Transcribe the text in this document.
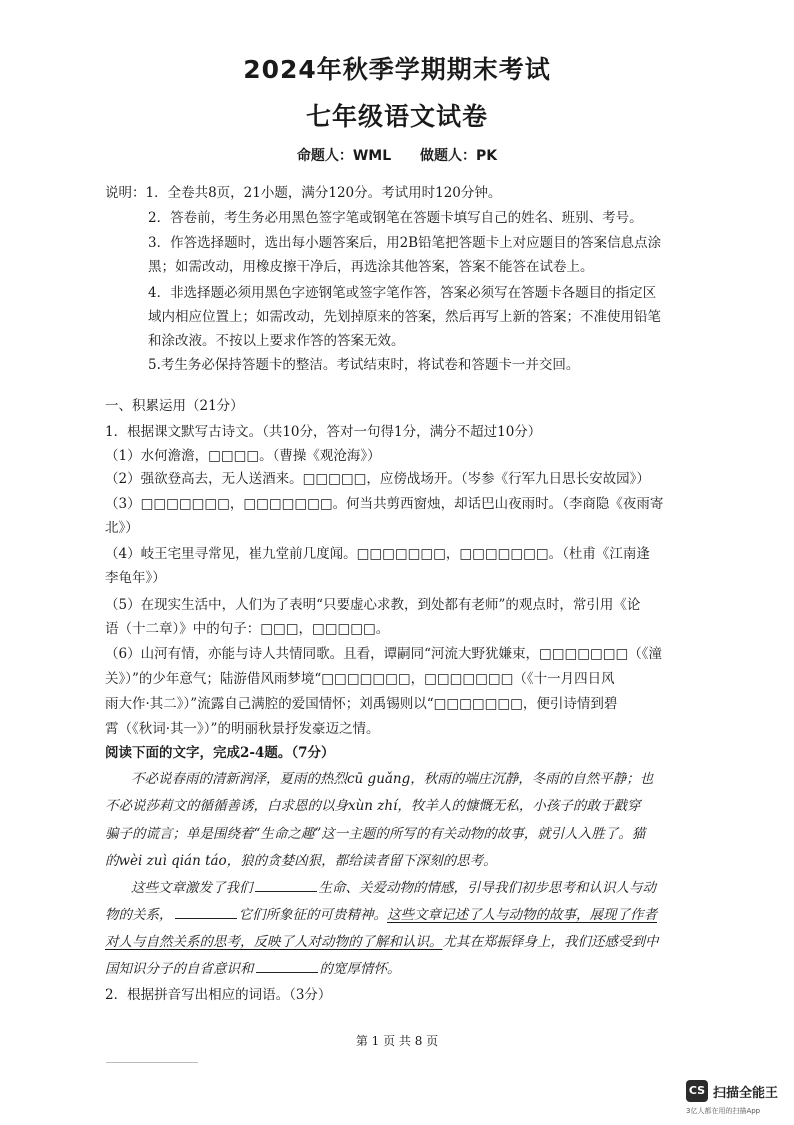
2024年秋季学期期末考试
七年级语文试卷
命题人：WML 做题人：PK
说明：1．全卷共8页，21小题，满分120分。考试用时120分钟。
2．答卷前，考生务必用黑色签字笔或钢笔在答题卡填写自己的姓名、班别、考号。
3．作答选择题时，选出每小题答案后，用2B铅笔把答题卡上对应题目的答案信息点涂
黑；如需改动，用橡皮擦干净后，再选涂其他答案，答案不能答在试卷上。
4．非选择题必须用黑色字迹钢笔或签字笔作答，答案必须写在答题卡各题目的指定区
域内相应位置上；如需改动，先划掉原来的答案，然后再写上新的答案；不准使用铅笔
和涂改液。不按以上要求作答的答案无效。
5.考生务必保持答题卡的整洁。考试结束时，将试卷和答题卡一并交回。
一、积累运用（21分）
1．根据课文默写古诗文。（共10分，答对一句得1分，满分不超过10分）
（1）水何澹澹，□□□□。（曹操《观沧海》）
（2）强欲登高去，无人送酒来。□□□□□，应傍战场开。（岑参《行军九日思长安故园》）
（3）□□□□□□□，□□□□□□□。何当共剪西窗烛，却话巴山夜雨时。（李商隐《夜雨寄
北》）
（4）岐王宅里寻常见，崔九堂前几度闻。□□□□□□□，□□□□□□□。（杜甫《江南逢
李龟年》）
（5）在现实生活中，人们为了表明“只要虚心求教，到处都有老师”的观点时，常引用《论
语（十二章）》中的句子：□□□，□□□□□。
（6）山河有情，亦能与诗人共情同歌。且看，谭嗣同“河流大野犹嫌束，□□□□□□□（《潼
关》）”的少年意气；陆游借风雨梦境“□□□□□□□，□□□□□□□（《十一月四日风
雨大作·其二》）”流露自己满腔的爱国情怀；刘禹锡则以“□□□□□□□，便引诗情到碧
霄（《秋词·其一》）”的明丽秋景抒发豪迈之情。
阅读下面的文字，完成2-4题。（7分）
不必说春雨的清新润泽，夏雨的热烈cū guǎng，秋雨的端庄沉静，冬雨的自然平静；也
不必说莎莉文的循循善诱，白求恩的以身xùn zhí，牧羊人的慷慨无私，小孩子的敢于戳穿
骗子的谎言；单是围绕着“生命之趣”这一主题的所写的有关动物的故事，就引人入胜了。猫
的wèi zuì qián táo，狼的贪婪凶狠，都给读者留下深刻的思考。
这些文章激发了我们	生命、关爱动物的情感，引导我们初步思考和认识人与动
物的关系，	它们所象征的可贵精神。这些文章记述了人与动物的故事，展现了作者
对人与自然关系的思考，反映了人对动物的了解和认识。尤其在郑振铎身上，我们还感受到中
国知识分子的自省意识和	的宽厚情怀。
2．根据拼音写出相应的词语。（3分）
第 1 页 共 8 页
CS 扫描全能王
3亿人都在用的扫描App
